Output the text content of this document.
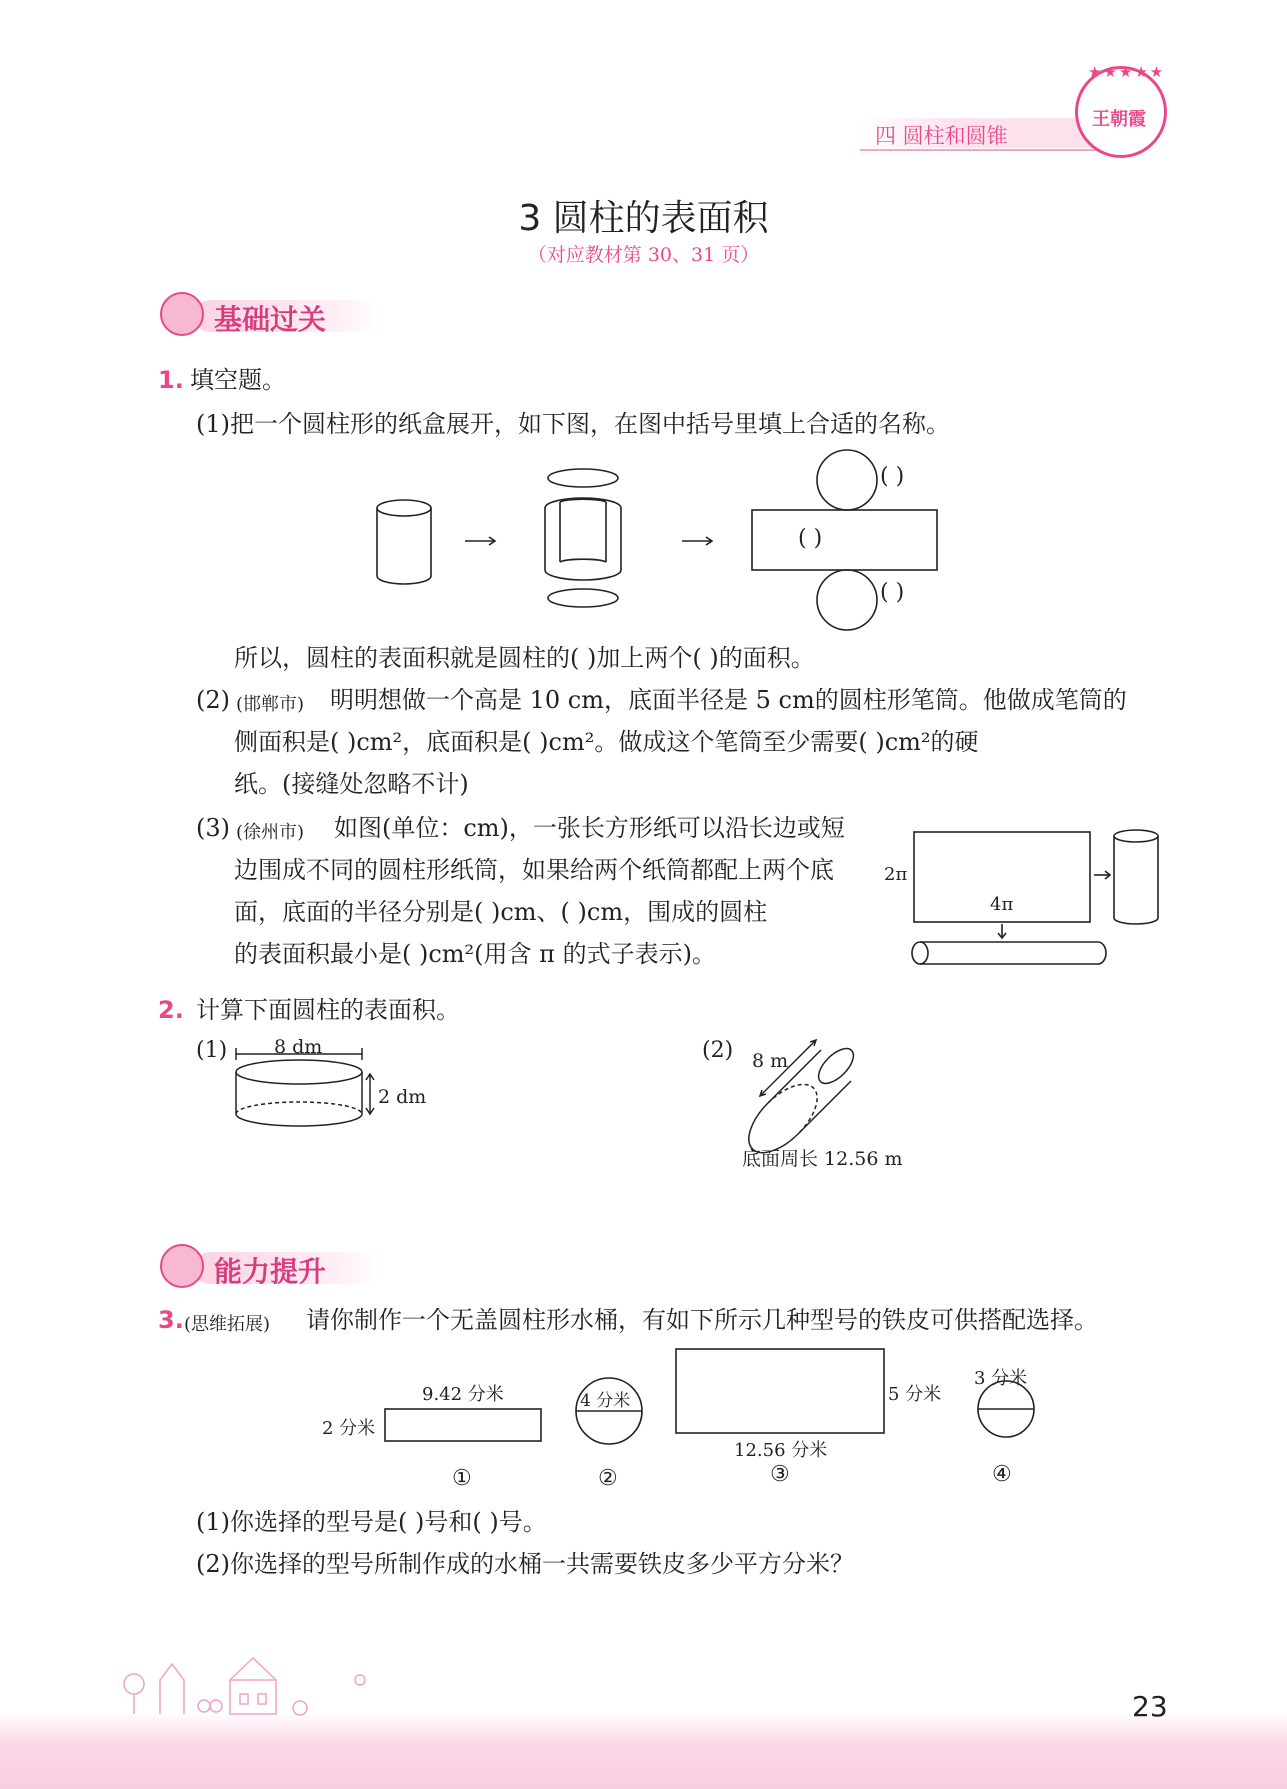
四 圆柱和圆锥
★★★★★
王朝霞
3 圆柱的表面积
（对应教材第 30、31 页）
基础过关
1. 填空题。
(1)把一个圆柱形的纸盒展开，如下图，在图中括号里填上合适的名称。
( )
( )
( )
所以，圆柱的表面积就是圆柱的( )加上两个( )的面积。
(2) (邯郸市) 明明想做一个高是 10 cm，底面半径是 5 cm的圆柱形笔筒。他做成笔筒的
侧面积是( )cm²，底面积是( )cm²。做成这个笔筒至少需要( )cm²的硬
纸。(接缝处忽略不计)
(3) (徐州市) 如图(单位：cm)，一张长方形纸可以沿长边或短
边围成不同的圆柱形纸筒，如果给两个纸筒都配上两个底
面，底面的半径分别是( )cm、( )cm，围成的圆柱
的表面积最小是( )cm²(用含 π 的式子表示)。
2π
4π
2. 计算下面圆柱的表面积。
(1) 8 dm
2 dm
(2) 8 m
底面周长 12.56 m
能力提升
3. (思维拓展) 请你制作一个无盖圆柱形水桶，有如下所示几种型号的铁皮可供搭配选择。
9.42 分米
2 分米
4 分米	5 分米
12.56 分米
3 分米
①	②	③	④
(1)你选择的型号是( )号和( )号。
(2)你选择的型号所制作成的水桶一共需要铁皮多少平方分米？
23
